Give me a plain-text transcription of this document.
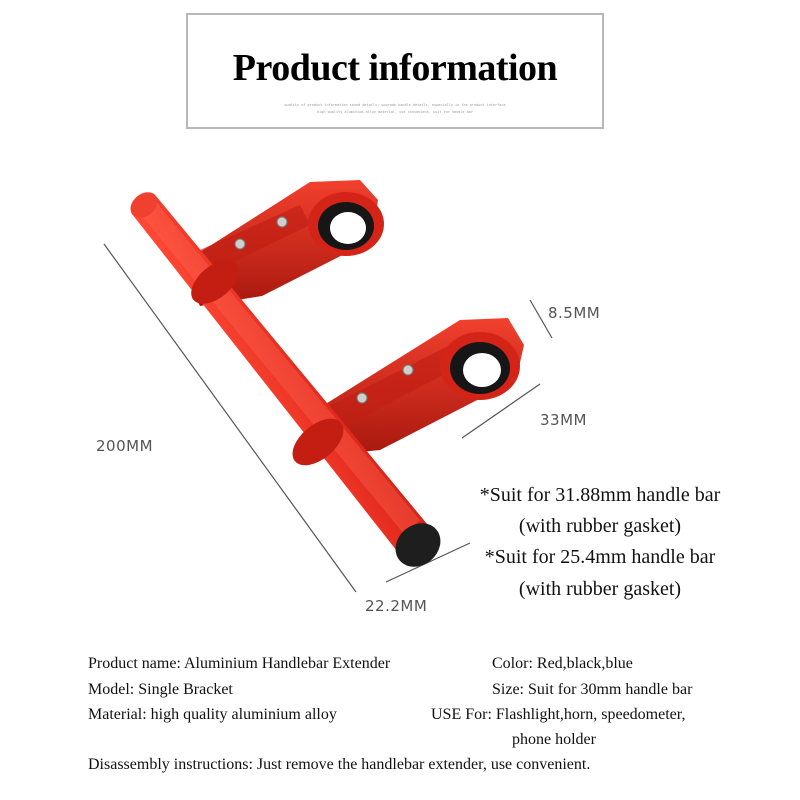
Product information
quality of product information sound details; upgrade handle details, especially in the product interface
high quality aluminium alloy material, use convenient, suit for handle bar
200MM
8.5MM
33MM
22.2MM
*Suit for 31.88mm handle bar
(with rubber gasket)
*Suit for 25.4mm handle bar
(with rubber gasket)
Product name: Aluminium Handlebar Extender	Color: Red,black,blue
Model: Single Bracket	Size: Suit for 30mm handle bar
Material: high quality aluminium alloy	USE For: Flashlight,horn, speedometer,
phone holder
Disassembly instructions: Just remove the handlebar extender, use convenient.
